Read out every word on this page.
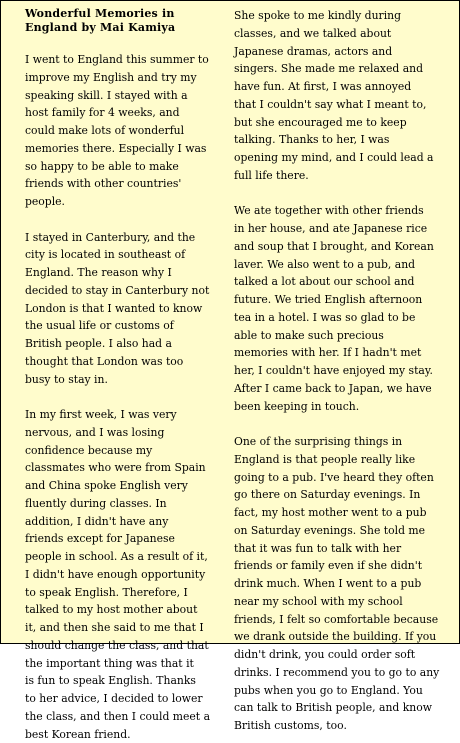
Wonderful Memories in
England by Mai Kamiya

I went to England this summer to
improve my English and try my
speaking skill. I stayed with a
host family for 4 weeks, and
could make lots of wonderful
memories there. Especially I was
so happy to be able to make
friends with other countries'
people.

I stayed in Canterbury, and the
city is located in southeast of
England. The reason why I
decided to stay in Canterbury not
London is that I wanted to know
the usual life or customs of
British people. I also had a
thought that London was too
busy to stay in.

In my first week, I was very
nervous, and I was losing
confidence because my
classmates who were from Spain
and China spoke English very
fluently during classes. In
addition, I didn't have any
friends except for Japanese
people in school. As a result of it,
I didn't have enough opportunity
to speak English. Therefore, I
talked to my host mother about
it, and then she said to me that I
should change the class, and that
the important thing was that it
is fun to speak English. Thanks
to her advice, I decided to lower
the class, and then I could meet a
best Korean friend.

She spoke to me kindly during
classes, and we talked about
Japanese dramas, actors and
singers. She made me relaxed and
have fun. At first, I was annoyed
that I couldn't say what I meant to,
but she encouraged me to keep
talking. Thanks to her, I was
opening my mind, and I could lead a
full life there.

We ate together with other friends
in her house, and ate Japanese rice
and soup that I brought, and Korean
laver. We also went to a pub, and
talked a lot about our school and
future. We tried English afternoon
tea in a hotel. I was so glad to be
able to make such precious
memories with her. If I hadn't met
her, I couldn't have enjoyed my stay.
After I came back to Japan, we have
been keeping in touch.

One of the surprising things in
England is that people really like
going to a pub. I've heard they often
go there on Saturday evenings. In
fact, my host mother went to a pub
on Saturday evenings. She told me
that it was fun to talk with her
friends or family even if she didn't
drink much. When I went to a pub
near my school with my school
friends, I felt so comfortable because
we drank outside the building. If you
didn't drink, you could order soft
drinks. I recommend you to go to any
pubs when you go to England. You
can talk to British people, and know
British customs, too.
